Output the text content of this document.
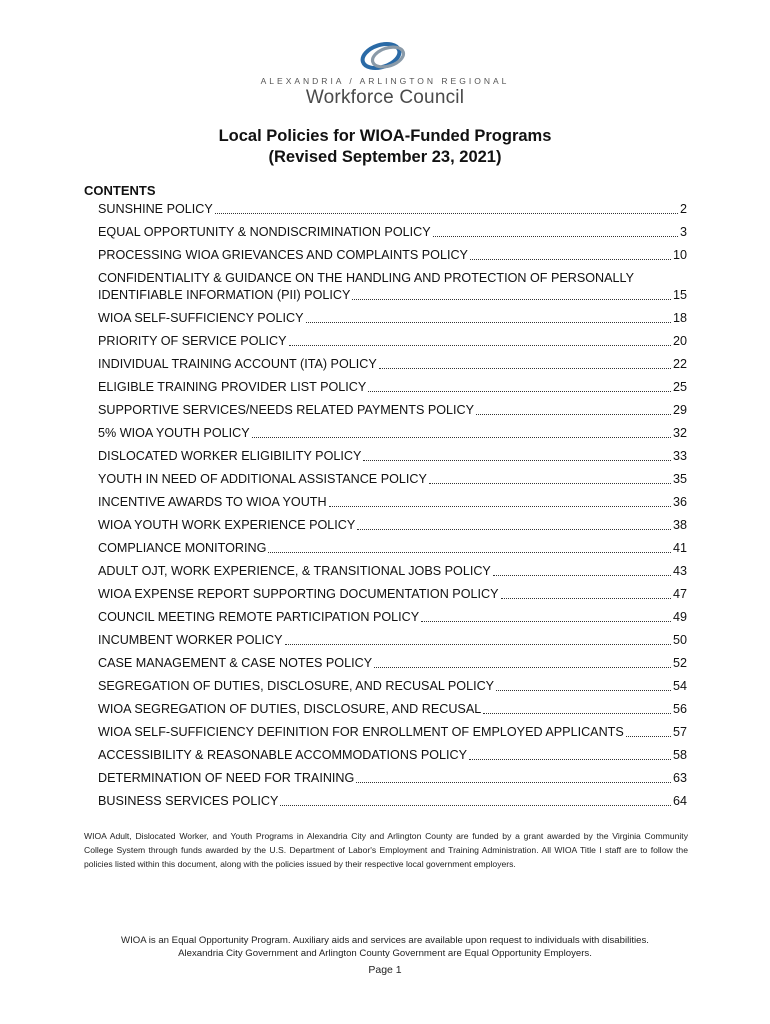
ALEXANDRIA / ARLINGTON REGIONAL
Workforce Council
Local Policies for WIOA-Funded Programs
(Revised September 23, 2021)
CONTENTS
SUNSHINE POLICY	2
EQUAL OPPORTUNITY & NONDISCRIMINATION POLICY	3
PROCESSING WIOA GRIEVANCES AND COMPLAINTS POLICY	10
CONFIDENTIALITY & GUIDANCE ON THE HANDLING AND PROTECTION OF PERSONALLY
IDENTIFIABLE INFORMATION (PII) POLICY	15
WIOA SELF-SUFFICIENCY POLICY	18
PRIORITY OF SERVICE POLICY	20
INDIVIDUAL TRAINING ACCOUNT (ITA) POLICY	22
ELIGIBLE TRAINING PROVIDER LIST POLICY	25
SUPPORTIVE SERVICES/NEEDS RELATED PAYMENTS POLICY	29
5% WIOA YOUTH POLICY	32
DISLOCATED WORKER ELIGIBILITY POLICY	33
YOUTH IN NEED OF ADDITIONAL ASSISTANCE POLICY	35
INCENTIVE AWARDS TO WIOA YOUTH	36
WIOA YOUTH WORK EXPERIENCE POLICY	38
COMPLIANCE MONITORING	41
ADULT OJT, WORK EXPERIENCE, & TRANSITIONAL JOBS POLICY	43
WIOA EXPENSE REPORT SUPPORTING DOCUMENTATION POLICY	47
COUNCIL MEETING REMOTE PARTICIPATION POLICY	49
INCUMBENT WORKER POLICY	50
CASE MANAGEMENT & CASE NOTES POLICY	52
SEGREGATION OF DUTIES, DISCLOSURE, AND RECUSAL POLICY	54
WIOA SEGREGATION OF DUTIES, DISCLOSURE, AND RECUSAL	56
WIOA SELF-SUFFICIENCY DEFINITION FOR ENROLLMENT OF EMPLOYED APPLICANTS	57
ACCESSIBILITY & REASONABLE ACCOMMODATIONS POLICY	58
DETERMINATION OF NEED FOR TRAINING	63
BUSINESS SERVICES POLICY	64
WIOA Adult, Dislocated Worker, and Youth Programs in Alexandria City and Arlington County are funded by a grant awarded by the Virginia Community College System through funds awarded by the U.S. Department of Labor's Employment and Training Administration. All WIOA Title I staff are to follow the policies listed within this document, along with the policies issued by their respective local government employers.
WIOA is an Equal Opportunity Program. Auxiliary aids and services are available upon request to individuals with disabilities.
Alexandria City Government and Arlington County Government are Equal Opportunity Employers.
Page 1
